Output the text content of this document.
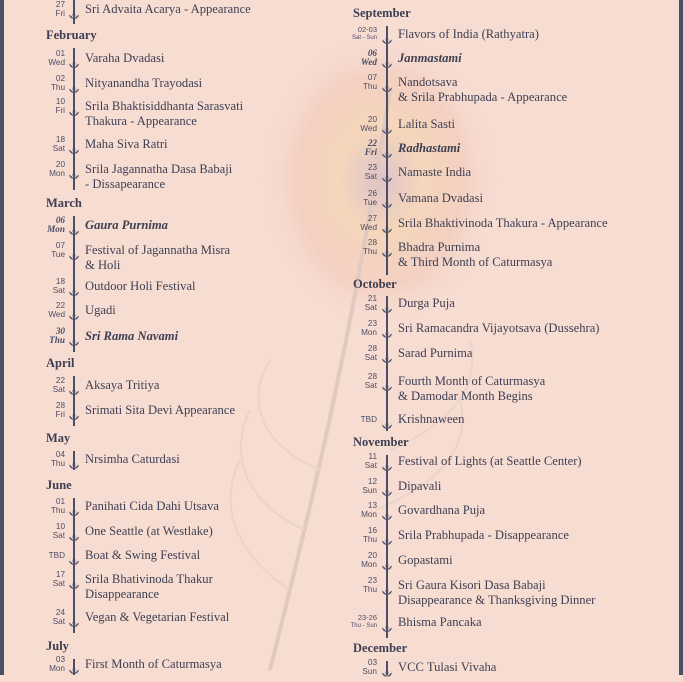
Sri Advaita Acarya - Appearance
February
Varaha Dvadasi
Nityanandha Trayodasi
Srila Bhaktisiddhanta Sarasvati
Thakura - Appearance
Maha Siva Ratri
Srila Jagannatha Dasa Babaji
- Dissapearance
March
Gaura Purnima
Festival of Jagannatha Misra
& Holi
Outdoor Holi Festival
Ugadi
Sri Rama Navami
April
Aksaya Tritiya
Srimati Sita Devi Appearance
May
Nrsimha Caturdasi
June
Panihati Cida Dahi Utsava
One Seattle (at Westlake)
Boat & Swing Festival
Srila Bhativinoda Thakur
Disappearance
Vegan & Vegetarian Festival
July
First Month of Caturmasya
September
Flavors of India (Rathyatra)
Janmastami
Nandotsava
& Srila Prabhupada - Appearance
Lalita Sasti
Radhastami
Namaste India
Vamana Dvadasi
Srila Bhaktivinoda Thakura - Appearance
Bhadra Purnima
& Third Month of Caturmasya
October
Durga Puja
Sri Ramacandra Vijayotsava (Dussehra)
Sarad Purnima
Fourth Month of Caturmasya
& Damodar Month Begins
Krishnaween
November
Festival of Lights (at Seattle Center)
Dipavali
Govardhana Puja
Srila Prabhupada - Disappearance
Gopastami
Sri Gaura Kisori Dasa Babaji
Disappearance & Thanksgiving Dinner
Bhisma Pancaka
December
VCC Tulasi Vivaha
27
Fri
01
Wed
02
Thu
10
Fri
18
Sat
20
Mon
06
Mon
07
Tue
18
Sat
22
Wed
30
Thu
22
Sat
28
Fri
04
Thu
01
Thu
10
Sat
TBD
17
Sat
24
Sat
03
Mon
02-03
Sat - Sun
06
Wed
07
Thu
20
Wed
22
Fri
23
Sat
26
Tue
27
Wed
28
Thu
21
Sat
23
Mon
28
Sat
28
Sat
TBD
11
Sat
12
Sun
13
Mon
16
Thu
20
Mon
23
Thu
23-26
Thu - Sun
03
Sun
